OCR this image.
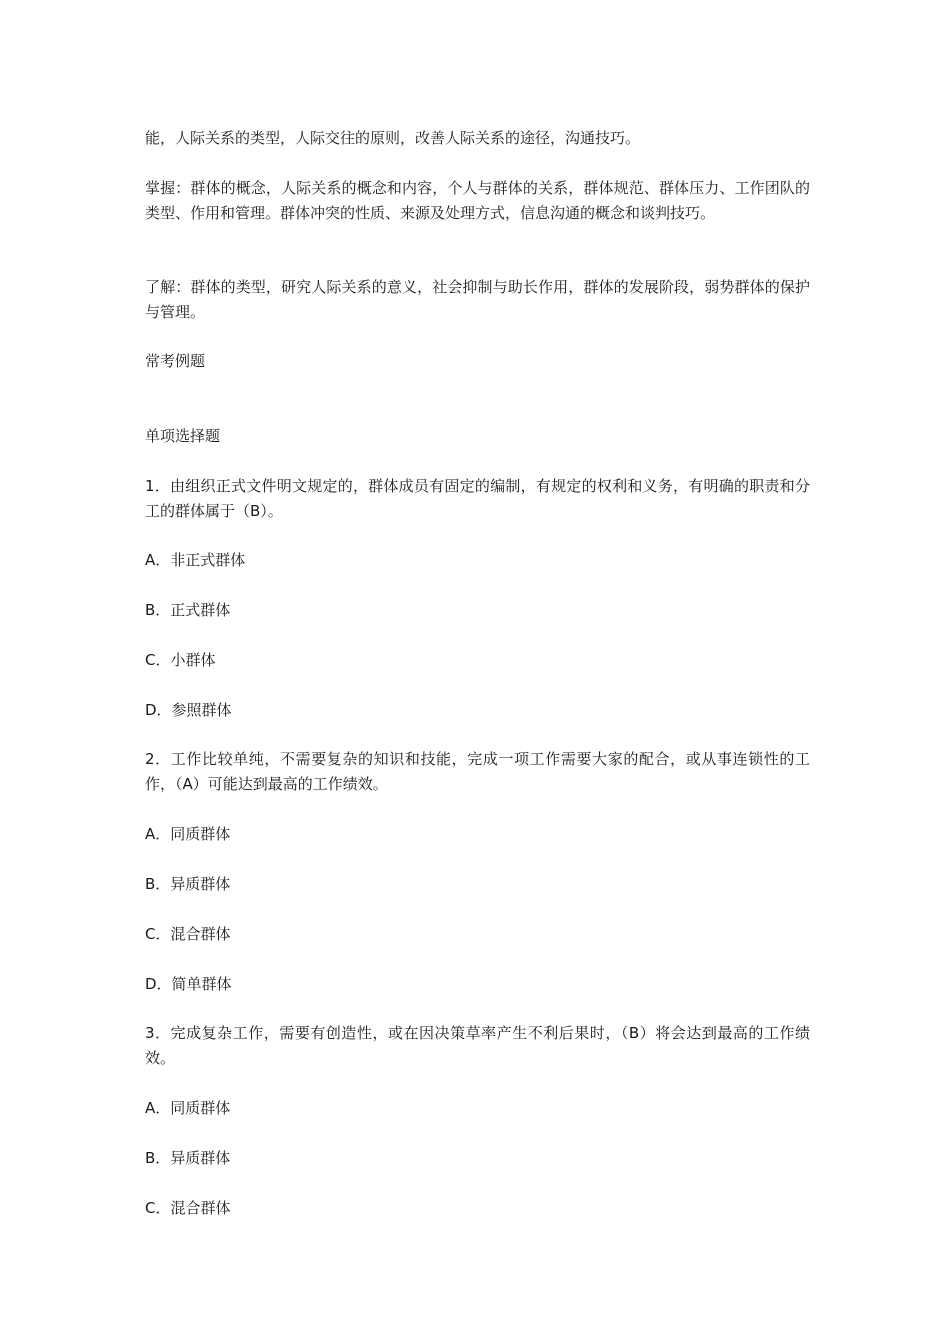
能，人际关系的类型，人际交往的原则，改善人际关系的途径，沟通技巧。

掌握：群体的概念，人际关系的概念和内容，个人与群体的关系，群体规范、群体压力、工作团队的类型、作用和管理。群体冲突的性质、来源及处理方式，信息沟通的概念和谈判技巧。

了解：群体的类型，研究人际关系的意义，社会抑制与助长作用，群体的发展阶段，弱势群体的保护与管理。

常考例题

单项选择题

1．由组织正式文件明文规定的，群体成员有固定的编制，有规定的权利和义务，有明确的职责和分工的群体属于（B）。

A．非正式群体

B．正式群体

C．小群体

D．参照群体

2．工作比较单纯，不需要复杂的知识和技能，完成一项工作需要大家的配合，或从事连锁性的工作，（A）可能达到最高的工作绩效。

A．同质群体

B．异质群体

C．混合群体

D．简单群体

3．完成复杂工作，需要有创造性，或在因决策草率产生不利后果时，（B）将会达到最高的工作绩效。

A．同质群体

B．异质群体

C．混合群体
